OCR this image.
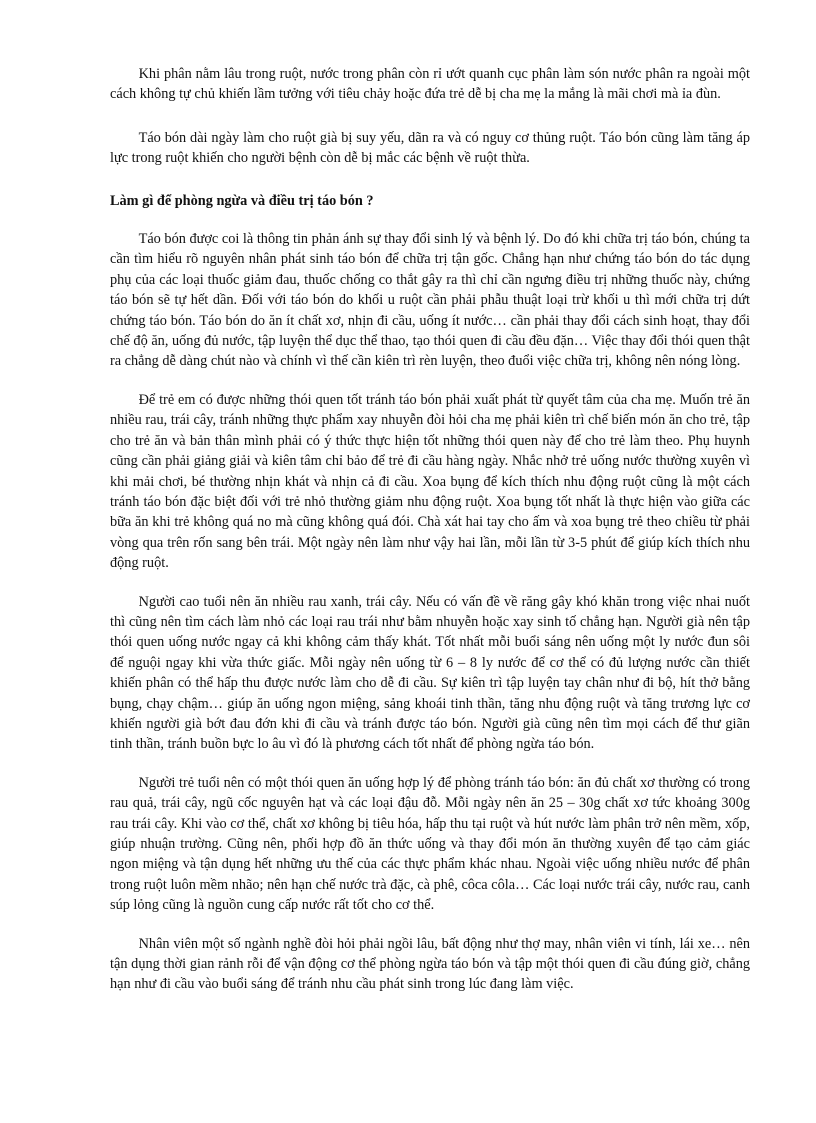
Khi phân nằm lâu trong ruột, nước trong phân còn rỉ ướt quanh cục phân làm són nước phân ra ngoài một cách không tự chủ khiến lầm tưởng với tiêu chảy hoặc đứa trẻ dễ bị cha mẹ la mắng là mãi chơi mà ỉa đùn.

Táo bón dài ngày làm cho ruột già bị suy yếu, dãn ra và có nguy cơ thủng ruột. Táo bón cũng làm tăng áp lực trong ruột khiến cho người bệnh còn dễ bị mắc các bệnh về ruột thừa.

Làm gì để phòng ngừa và điều trị táo bón ?

Táo bón được coi là thông tin phản ánh sự thay đổi sinh lý và bệnh lý. Do đó khi chữa trị táo bón, chúng ta cần tìm hiểu rõ nguyên nhân phát sinh táo bón để chữa trị tận gốc. Chẳng hạn như chứng táo bón do tác dụng phụ của các loại thuốc giảm đau, thuốc chống co thắt gây ra thì chỉ cần ngưng điều trị những thuốc này, chứng táo bón sẽ tự hết dần. Đối với táo bón do khối u ruột cần phải phẫu thuật loại trừ khối u thì mới chữa trị dứt chứng táo bón. Táo bón do ăn ít chất xơ, nhịn đi cầu, uống ít nước… cần phải thay đổi cách sinh hoạt, thay đổi chế độ ăn, uống đủ nước, tập luyện thể dục thể thao, tạo thói quen đi cầu đều đặn… Việc thay đổi thói quen thật ra chẳng dễ dàng chút nào và chính vì thế cần kiên trì rèn luyện, theo đuổi việc chữa trị, không nên nóng lòng.

Để trẻ em có được những thói quen tốt tránh táo bón phải xuất phát từ quyết tâm của cha mẹ. Muốn trẻ ăn nhiều rau, trái cây, tránh những thực phẩm xay nhuyễn đòi hỏi cha mẹ phải kiên trì chế biến món ăn cho trẻ, tập cho trẻ ăn và bản thân mình phải có ý thức thực hiện tốt những thói quen này để cho trẻ làm theo. Phụ huynh cũng cần phải giảng giải và kiên tâm chỉ bảo để trẻ đi cầu hàng ngày. Nhắc nhở trẻ uống nước thường xuyên vì khi mải chơi, bé thường nhịn khát và nhịn cả đi cầu. Xoa bụng để kích thích nhu động ruột cũng là một cách tránh táo bón đặc biệt đối với trẻ nhỏ thường giảm nhu động ruột. Xoa bụng tốt nhất là thực hiện vào giữa các bữa ăn khi trẻ không quá no mà cũng không quá đói. Chà xát hai tay cho ấm và xoa bụng trẻ theo chiều từ phải vòng qua trên rốn sang bên trái. Một ngày nên làm như vậy hai lần, mỗi lần từ 3-5 phút để giúp kích thích nhu động ruột.

Người cao tuổi nên ăn nhiều rau xanh, trái cây. Nếu có vấn đề về răng gây khó khăn trong việc nhai nuốt thì cũng nên tìm cách làm nhỏ các loại rau trái như bằm nhuyễn hoặc xay sinh tố chẳng hạn. Người già nên tập thói quen uống nước ngay cả khi không cảm thấy khát. Tốt nhất mỗi buổi sáng nên uống một ly nước đun sôi để nguội ngay khi vừa thức giấc. Mỗi ngày nên uống từ 6 – 8 ly nước để cơ thể có đủ lượng nước cần thiết khiến phân có thể hấp thu được nước làm cho dễ đi cầu. Sự kiên trì tập luyện tay chân như đi bộ, hít thở bằng bụng, chạy chậm… giúp ăn uống ngon miệng, sảng khoái tinh thần, tăng nhu động ruột và tăng trương lực cơ khiến người già bớt đau đớn khi đi cầu và tránh được táo bón. Người già cũng nên tìm mọi cách để thư giãn tinh thần, tránh buồn bực lo âu vì đó là phương cách tốt nhất để phòng ngừa táo bón.

Người trẻ tuổi nên có một thói quen ăn uống hợp lý để phòng tránh táo bón: ăn đủ chất xơ thường có trong rau quả, trái cây, ngũ cốc nguyên hạt và các loại đậu đỗ. Mỗi ngày nên ăn 25 – 30g chất xơ tức khoảng 300g rau trái cây. Khi vào cơ thể, chất xơ không bị tiêu hóa, hấp thu tại ruột và hút nước làm phân trở nên mềm, xốp, giúp nhuận trường. Cũng nên, phối hợp đồ ăn thức uống và thay đổi món ăn thường xuyên để tạo cảm giác ngon miệng và tận dụng hết những ưu thế của các thực phẩm khác nhau. Ngoài việc uống nhiều nước để phân trong ruột luôn mềm nhão; nên hạn chế nước trà đặc, cà phê, côca côla… Các loại nước trái cây, nước rau, canh súp lỏng cũng là nguồn cung cấp nước rất tốt cho cơ thể.

Nhân viên một số ngành nghề đòi hỏi phải ngồi lâu, bất động như thợ may, nhân viên vi tính, lái xe… nên tận dụng thời gian rảnh rỗi để vận động cơ thể phòng ngừa táo bón và tập một thói quen đi cầu đúng giờ, chẳng hạn như đi cầu vào buổi sáng để tránh nhu cầu phát sinh trong lúc đang làm việc.
